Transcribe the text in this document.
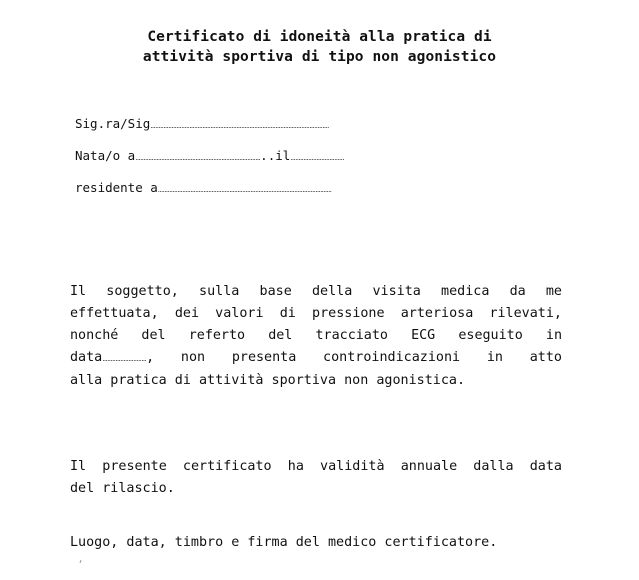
Certificato di idoneità alla pratica di
attività sportiva di tipo non agonistico
Sig.ra/Sig..............................................................................................................
Nata/o a...............................................................................il.................................
residente a...........................................................................................................
Il soggetto, sulla base della visita medica da me
effettuata, dei valori di pressione arteriosa rilevati,
nonché del referto del tracciato ECG eseguito in
data..........................., non presenta controindicazioni in atto
alla pratica di attività sportiva non agonistica.
Il presente certificato ha validità annuale dalla data
del rilascio.
Luogo, data, timbro e firma del medico certificatore.
